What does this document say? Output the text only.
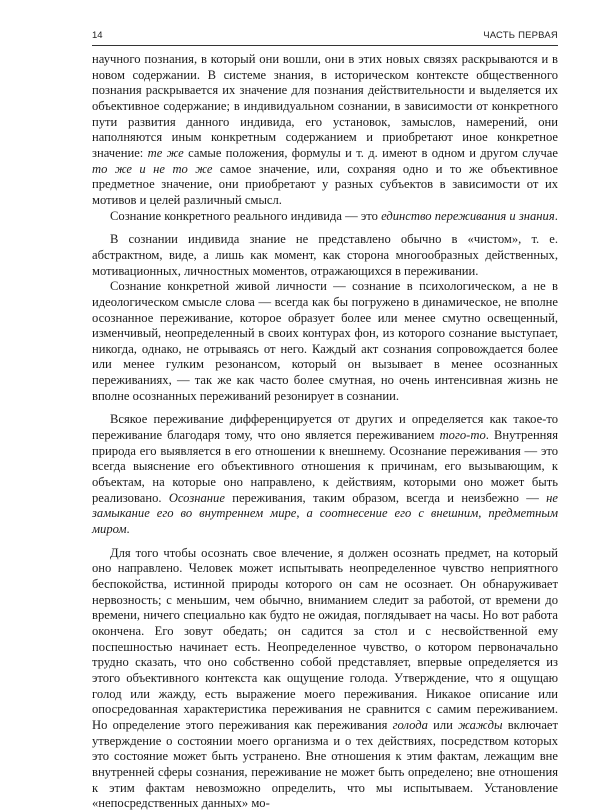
14	ЧАСТЬ ПЕРВАЯ

научного познания, в который они вошли, они в этих новых связях раскрываются и в новом содержании. В системе знания, в историческом контексте общественного познания раскрывается их значение для познания действительности и выделяется их объективное содержание; в индивидуальном сознании, в зависимости от конкретного пути развития данного индивида, его установок, замыслов, намерений, они наполняются иным конкретным содержанием и приобретают иное конкретное значение: те же самые положения, формулы и т. д. имеют в одном и другом случае то же и не то же самое значение, или, сохраняя одно и то же объективное предметное значение, они приобретают у разных субъектов в зависимости от их мотивов и целей различный смысл.

Сознание конкретного реального индивида — это единство переживания и знания.

В сознании индивида знание не представлено обычно в «чистом», т. е. абстрактном, виде, а лишь как момент, как сторона многообразных действенных, мотивационных, личностных моментов, отражающихся в переживании.

Сознание конкретной живой личности — сознание в психологическом, а не в идеологическом смысле слова — всегда как бы погружено в динамическое, не вполне осознанное переживание, которое образует более или менее смутно освещенный, изменчивый, неопределенный в своих контурах фон, из которого сознание выступает, никогда, однако, не отрываясь от него. Каждый акт сознания сопровождается более или менее гулким резонансом, который он вызывает в менее осознанных переживаниях, — так же как часто более смутная, но очень интенсивная жизнь не вполне осознанных переживаний резонирует в сознании.

Всякое переживание дифференцируется от других и определяется как такое-то переживание благодаря тому, что оно является переживанием того-то. Внутренняя природа его выявляется в его отношении к внешнему. Осознание переживания — это всегда выяснение его объективного отношения к причинам, его вызывающим, к объектам, на которые оно направлено, к действиям, которыми оно может быть реализовано. Осознание переживания, таким образом, всегда и неизбежно — не замыкание его во внутреннем мире, а соотнесение его с внешним, предметным миром.

Для того чтобы осознать свое влечение, я должен осознать предмет, на который оно направлено. Человек может испытывать неопределенное чувство неприятного беспокойства, истинной природы которого он сам не осознает. Он обнаруживает нервозность; с меньшим, чем обычно, вниманием следит за работой, от времени до времени, ничего специально как будто не ожидая, поглядывает на часы. Но вот работа окончена. Его зовут обедать; он садится за стол и с несвойственной ему поспешностью начинает есть. Неопределенное чувство, о котором первоначально трудно сказать, что оно собственно собой представляет, впервые определяется из этого объективного контекста как ощущение голода. Утверждение, что я ощущаю голод или жажду, есть выражение моего переживания. Никакое описание или опосредованная характеристика переживания не сравнится с самим переживанием. Но определение этого переживания как переживания голода или жажды включает утверждение о состоянии моего организма и о тех действиях, посредством которых это состояние может быть устранено. Вне отношения к этим фактам, лежащим вне внутренней сферы сознания, переживание не может быть определено; вне отношения к этим фактам невозможно определить, что мы испытываем. Установление «непосредственных данных» мо-
